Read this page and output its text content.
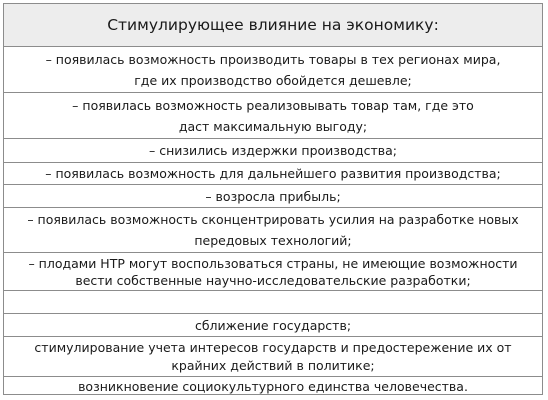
Стимулирующее влияние на экономику:
– появилась возможность производить товары в тех регионах мира,
где их производство обойдется дешевле;
– появилась возможность реализовывать товар там, где это
даст максимальную выгоду;
– снизились издержки производства;
– появилась возможность для дальнейшего развития производства;
– возросла прибыль;
– появилась возможность сконцентрировать усилия на разработке новых
передовых технологий;
– плодами НТР могут воспользоваться страны, не имеющие возможности
вести собственные научно-исследовательские разработки;
сближение государств;
стимулирование учета интересов государств и предостережение их от
крайних действий в политике;
возникновение социокультурного единства человечества.
